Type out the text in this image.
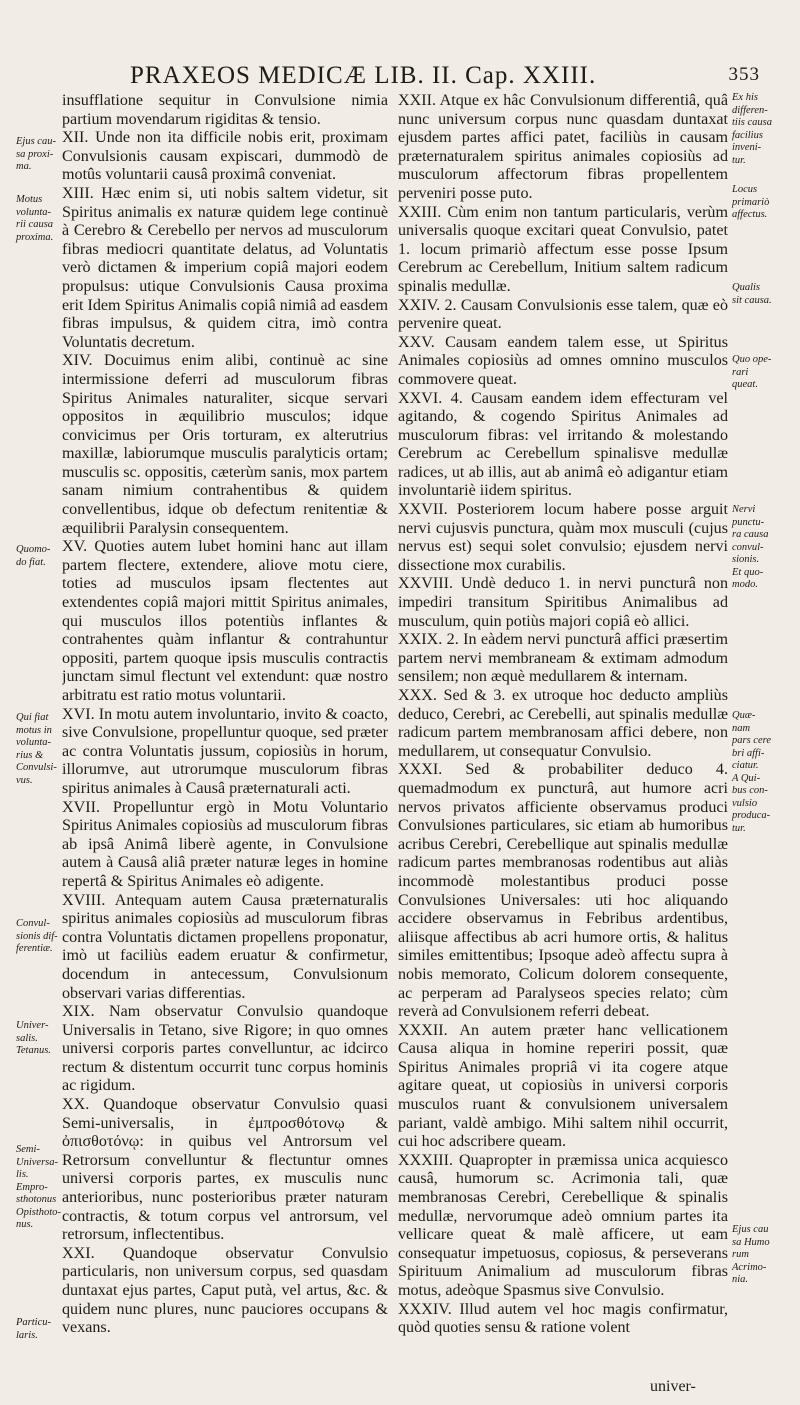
PRAXEOS MEDICÆ LIB. II. Cap. XXIII.	353
Ejus cau-
sa proxi-
ma.
Motus
volunta-
rii causa
proxima.
Quomo-
do fiat.
Qui fiat
motus in
volunta-
rius &
Convulsi-
vus.
Convul-
sionis dif-
ferentiæ.
Univer-
salis.
Tetanus.
Semi-
Universa-
lis.
Empro-
sthotonus
Opisthoto-
nus.
Particu-
laris.

insufflatione sequitur in Convulsione nimia partium movendarum rigiditas & tensio.

XII. Unde non ita difficile nobis erit, proximam Convulsionis causam expiscari, dummodò de motûs voluntarii causâ proximâ conveniat.

XIII. Hæc enim si, uti nobis saltem videtur, sit Spiritus animalis ex naturæ quidem lege continuè à Cerebro & Cerebello per nervos ad musculorum fibras mediocri quantitate delatus, ad Voluntatis verò dictamen & imperium copiâ majori eodem propulsus: utique Convulsionis Causa proxima erit Idem Spiritus Animalis copiâ nimiâ ad easdem fibras impulsus, & quidem citra, imò contra Voluntatis decretum.

XIV. Docuimus enim alibi, continuè ac sine intermissione deferri ad musculorum fibras Spiritus Animales naturaliter, sicque servari oppositos in æquilibrio musculos; idque convicimus per Oris torturam, ex alterutrius maxillæ, labiorumque musculis paralyticis ortam; musculis sc. oppositis, cæterùm sanis, mox partem sanam nimium contrahentibus & quidem convellentibus, idque ob defectum renitentiæ & æquilibrii Paralysin consequentem.

XV. Quoties autem lubet homini hanc aut illam partem flectere, extendere, aliove motu ciere, toties ad musculos ipsam flectentes aut extendentes copiâ majori mittit Spiritus animales, qui musculos illos potentiùs inflantes & contrahentes quàm inflantur & contrahuntur oppositi, partem quoque ipsis musculis contractis junctam simul flectunt vel extendunt: quæ nostro arbitratu est ratio motus voluntarii.

XVI. In motu autem involuntario, invito & coacto, sive Convulsione, propelluntur quoque, sed præter ac contra Voluntatis jussum, copiosiùs in horum, illorumve, aut utrorumque musculorum fibras spiritus animales à Causâ præternaturali acti.

XVII. Propelluntur ergò in Motu Voluntario Spiritus Animales copiosiùs ad musculorum fibras ab ipsâ Animâ liberè agente, in Convulsione autem à Causâ aliâ præter naturæ leges in homine repertâ & Spiritus Animales eò adigente.

XVIII. Antequam autem Causa præternaturalis spiritus animales copiosiùs ad musculorum fibras contra Voluntatis dictamen propellens proponatur, imò ut faciliùs eadem eruatur & confirmetur, docendum in antecessum, Convulsionum observari varias differentias.

XIX. Nam observatur Convulsio quandoque Universalis in Tetano, sive Rigore; in quo omnes universi corporis partes convelluntur, ac idcirco rectum & distentum occurrit tunc corpus hominis ac rigidum.

XX. Quandoque observatur Convulsio quasi Semi-universalis, in ἐμπροσθότονῳ & ὀπισθοτόνῳ: in quibus vel Antrorsum vel Retrorsum convelluntur & flectuntur omnes universi corporis partes, ex musculis nunc anterioribus, nunc posterioribus præter naturam contractis, & totum corpus vel antrorsum, vel retrorsum, inflectentibus.

XXI. Quandoque observatur Convulsio particularis, non universum corpus, sed quasdam duntaxat ejus partes, Caput putà, vel artus, &c. & quidem nunc plures, nunc pauciores occupans & vexans.

XXII. Atque ex hâc Convulsionum differentiâ, quâ nunc universum corpus nunc quasdam duntaxat ejusdem partes affici patet, faciliùs in causam præternaturalem spiritus animales copiosiùs ad musculorum affectorum fibras propellentem perveniri posse puto.

XXIII. Cùm enim non tantum particularis, verùm universalis quoque excitari queat Convulsio, patet 1. locum primariò affectum esse posse Ipsum Cerebrum ac Cerebellum, Initium saltem radicum spinalis medullæ.

XXIV. 2. Causam Convulsionis esse talem, quæ eò pervenire queat.

XXV. Causam eandem talem esse, ut Spiritus Animales copiosiùs ad omnes omnino musculos commovere queat.

XXVI. 4. Causam eandem idem effecturam vel agitando, & cogendo Spiritus Animales ad musculorum fibras: vel irritando & molestando Cerebrum ac Cerebellum spinalisve medullæ radices, ut ab illis, aut ab animâ eò adigantur etiam involuntariè iidem spiritus.

XXVII. Posteriorem locum habere posse arguit nervi cujusvis punctura, quàm mox musculi (cujus nervus est) sequi solet convulsio; ejusdem nervi dissectione mox curabilis.

XXVIII. Undè deduco 1. in nervi puncturâ non impediri transitum Spiritibus Animalibus ad musculum, quin potiùs majori copiâ eò allici.

XXIX. 2. In eàdem nervi puncturâ affici præsertim partem nervi membraneam & extimam admodum sensilem; non æquè medullarem & internam.

XXX. Sed & 3. ex utroque hoc deducto ampliùs deduco, Cerebri, ac Cerebelli, aut spinalis medullæ radicum partem membranosam affici debere, non medullarem, ut consequatur Convulsio.

XXXI. Sed & probabiliter deduco 4. quemadmodum ex puncturâ, aut humore acri nervos privatos afficiente observamus produci Convulsiones particulares, sic etiam ab humoribus acribus Cerebri, Cerebellique aut spinalis medullæ radicum partes membranosas rodentibus aut aliàs incommodè molestantibus produci posse Convulsiones Universales: uti hoc aliquando accidere observamus in Febribus ardentibus, aliisque affectibus ab acri humore ortis, & halitus similes emittentibus; Ipsoque adeò affectu supra à nobis memorato, Colicum dolorem consequente, ac perperam ad Paralyseos species relato; cùm reverà ad Convulsionem referri debeat.

XXXII. An autem præter hanc vellicationem Causa aliqua in homine reperiri possit, quæ Spiritus Animales propriâ vi ita cogere atque agitare queat, ut copiosiùs in universi corporis musculos ruant & convulsionem universalem pariant, valdè ambigo. Mihi saltem nihil occurrit, cui hoc adscribere queam.

XXXIII. Quapropter in præmissa unica acquiesco causâ, humorum sc. Acrimonia tali, quæ membranosas Cerebri, Cerebellique & spinalis medullæ, nervorumque adeò omnium partes ita vellicare queat & malè afficere, ut eam consequatur impetuosus, copiosus, & perseverans Spirituum Animalium ad musculorum fibras motus, adeòque Spasmus sive Convulsio.

XXXIV. Illud autem vel hoc magis confirmatur, quòd quoties sensu & ratione volent

Ex his
differen-
tiis causa
facilius
inveni-
tur.
Locus
primariò
affectus.
Qualis
sit causa.
Quo ope-
rari
queat.
Nervi
punctu-
ra causa
convul-
sionis.
Et quo-
modo.
Quæ-
nam
pars cere
bri affi-
ciatur.
A Qui-
bus con-
vulsio
produca-
tur.
Ejus cau
sa Humo
rum
Acrimo-
nia.
univer-
